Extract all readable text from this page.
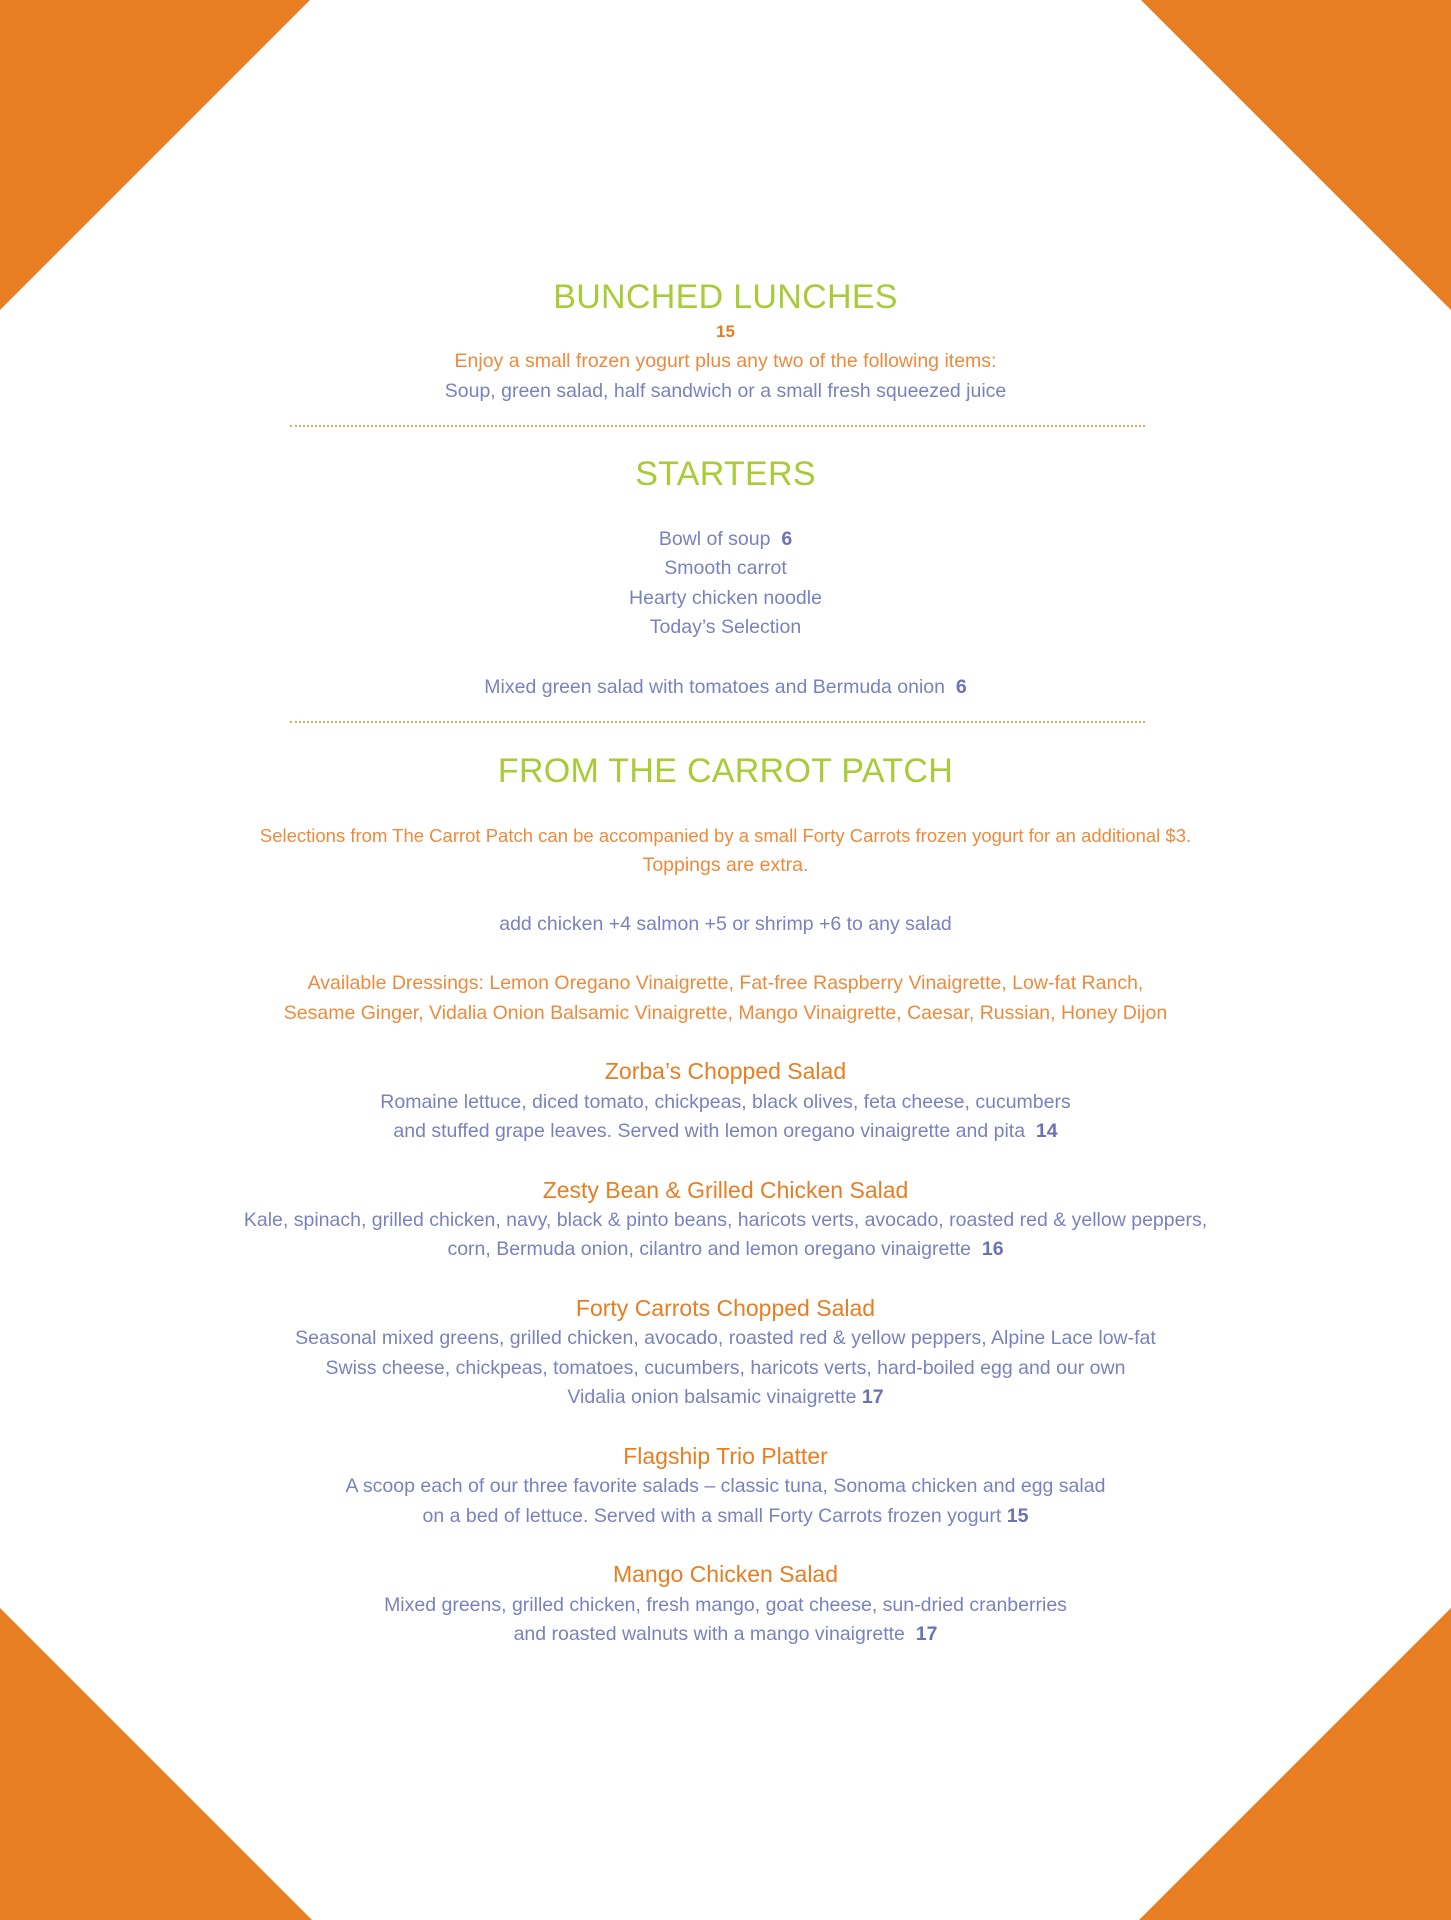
BUNCHED LUNCHES
15
Enjoy a small frozen yogurt plus any two of the following items:
Soup, green salad, half sandwich or a small fresh squeezed juice
STARTERS
Bowl of soup 6
Smooth carrot
Hearty chicken noodle
Today’s Selection
Mixed green salad with tomatoes and Bermuda onion 6
FROM THE CARROT PATCH
Selections from The Carrot Patch can be accompanied by a small Forty Carrots frozen yogurt for an additional $3.
Toppings are extra.
add chicken +4 salmon +5 or shrimp +6 to any salad
Available Dressings: Lemon Oregano Vinaigrette, Fat-free Raspberry Vinaigrette, Low-fat Ranch,
Sesame Ginger, Vidalia Onion Balsamic Vinaigrette, Mango Vinaigrette, Caesar, Russian, Honey Dijon
Zorba’s Chopped Salad
Romaine lettuce, diced tomato, chickpeas, black olives, feta cheese, cucumbers
and stuffed grape leaves. Served with lemon oregano vinaigrette and pita 14
Zesty Bean & Grilled Chicken Salad
Kale, spinach, grilled chicken, navy, black & pinto beans, haricots verts, avocado, roasted red & yellow peppers,
corn, Bermuda onion, cilantro and lemon oregano vinaigrette 16
Forty Carrots Chopped Salad
Seasonal mixed greens, grilled chicken, avocado, roasted red & yellow peppers, Alpine Lace low-fat
Swiss cheese, chickpeas, tomatoes, cucumbers, haricots verts, hard-boiled egg and our own
Vidalia onion balsamic vinaigrette 17
Flagship Trio Platter
A scoop each of our three favorite salads – classic tuna, Sonoma chicken and egg salad
on a bed of lettuce. Served with a small Forty Carrots frozen yogurt 15
Mango Chicken Salad
Mixed greens, grilled chicken, fresh mango, goat cheese, sun-dried cranberries
and roasted walnuts with a mango vinaigrette 17
